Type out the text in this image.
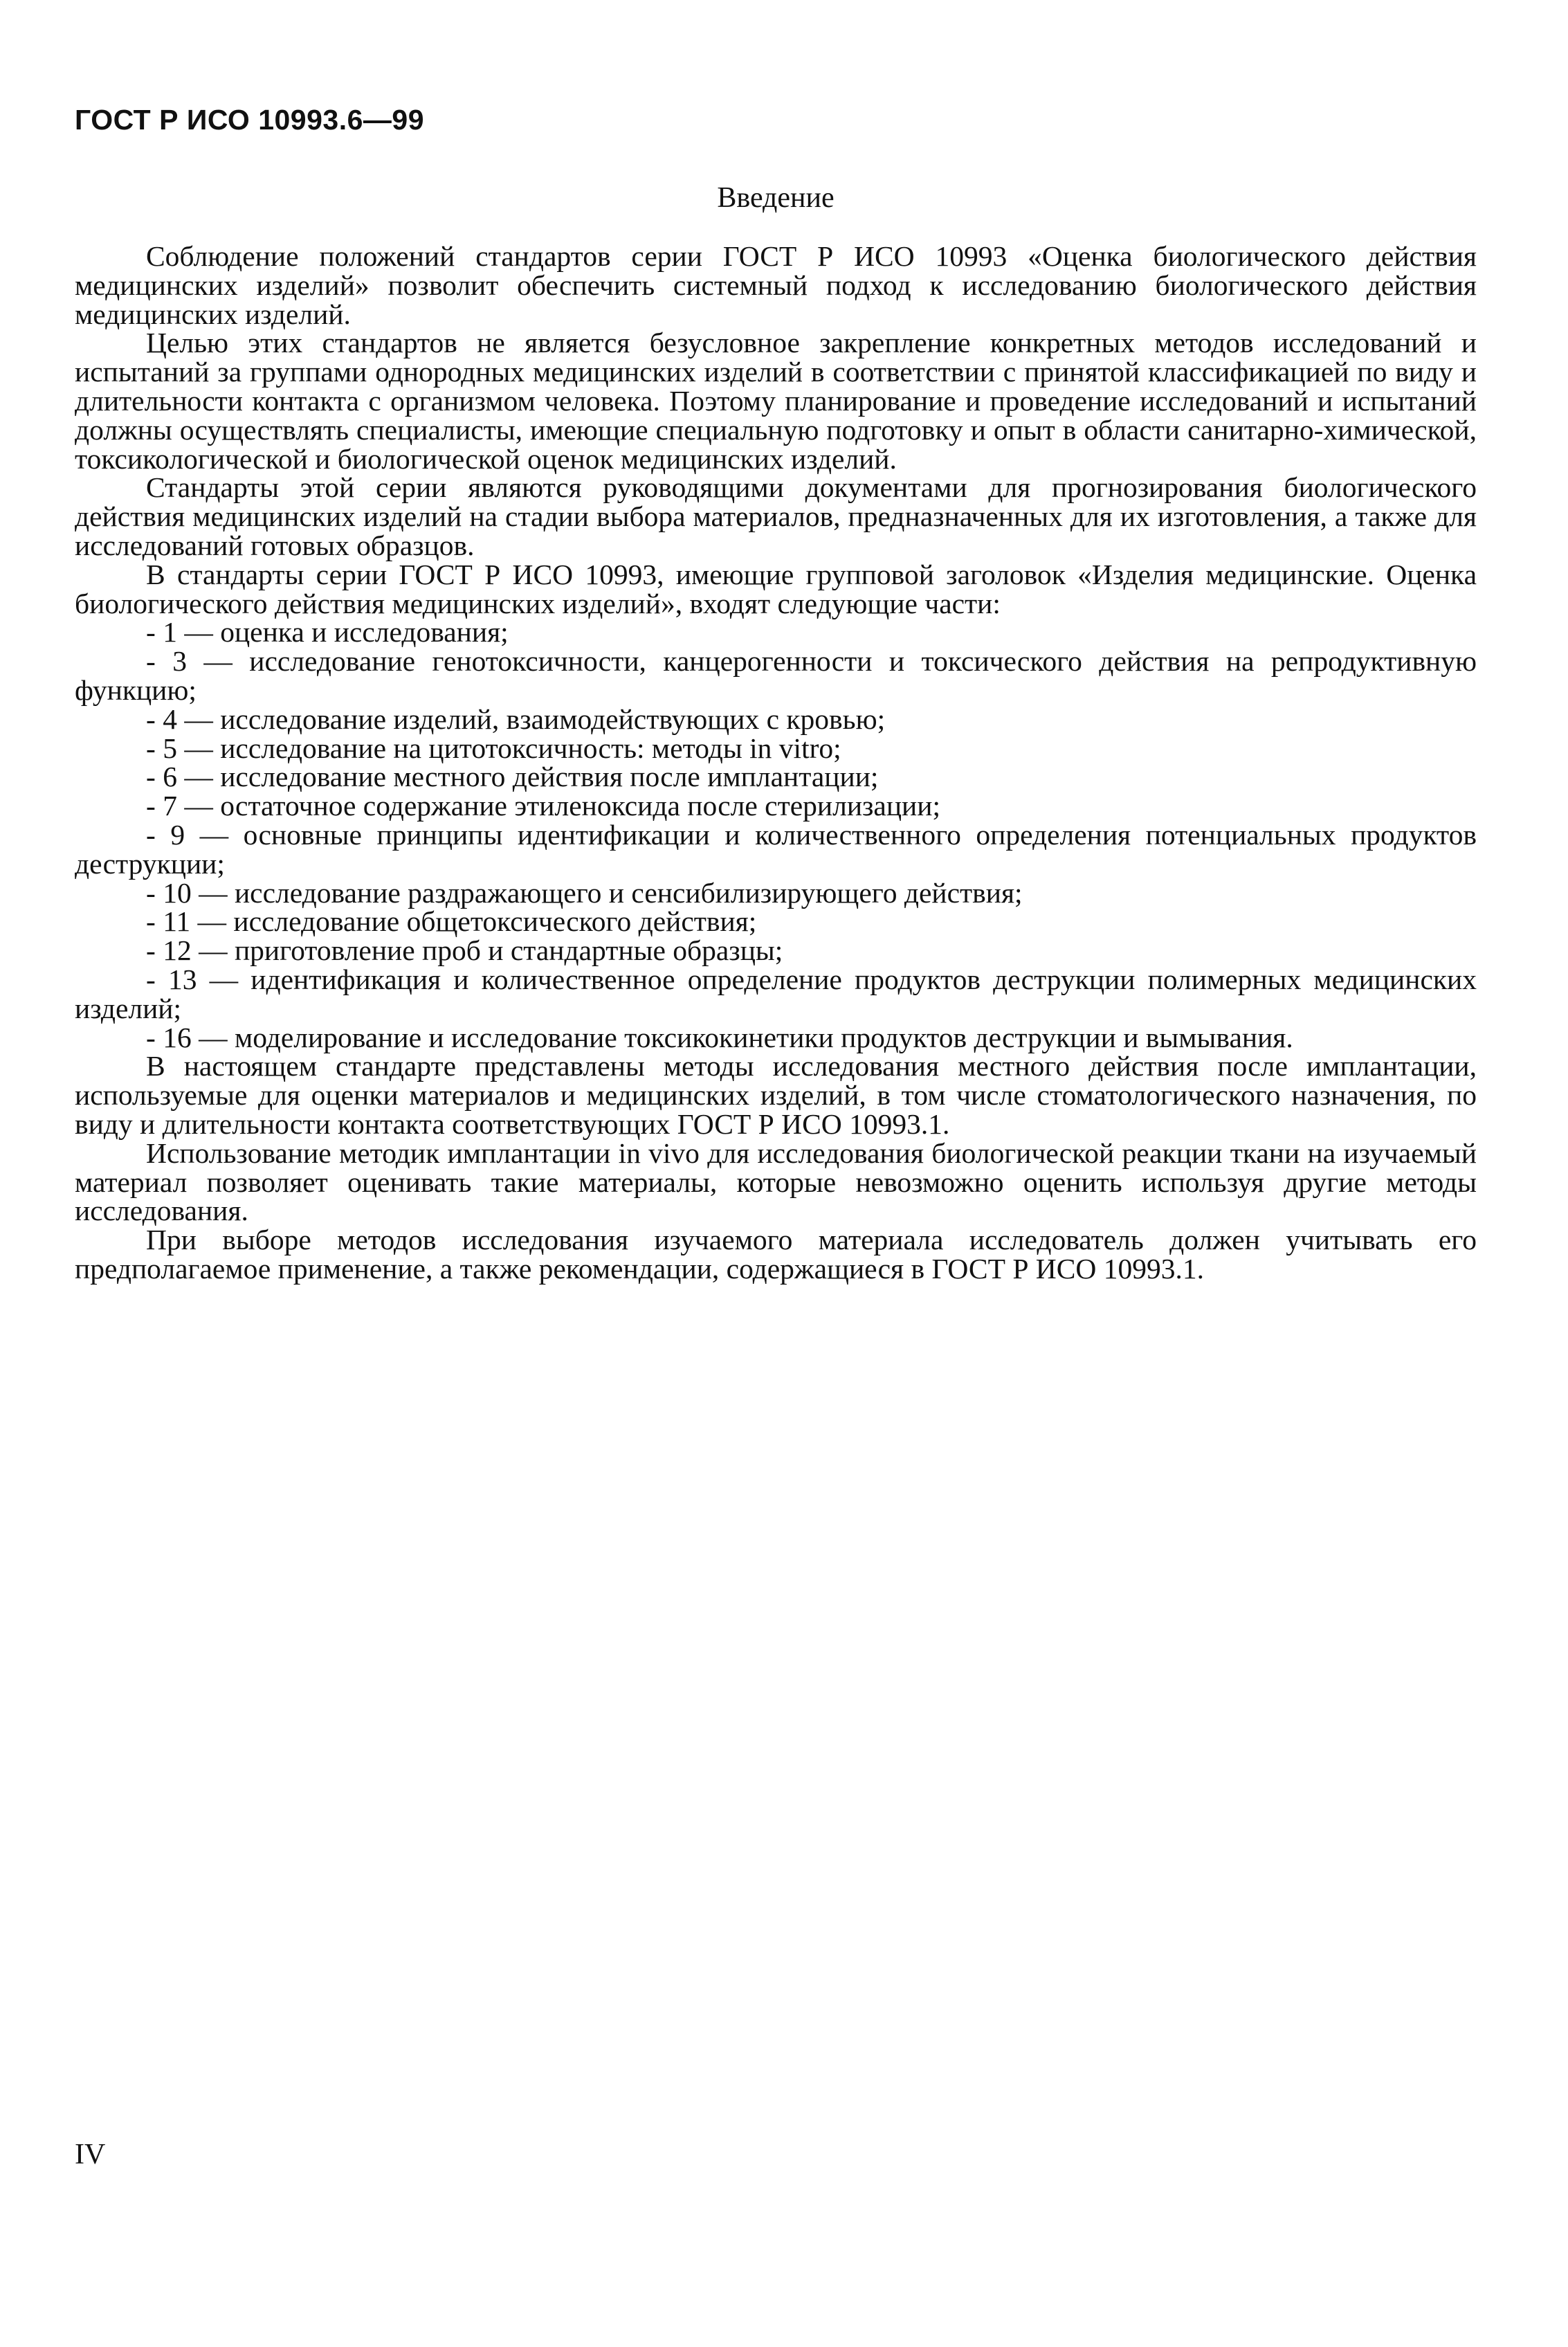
ГОСТ Р ИСО 10993.6—99
Введение

Соблюдение положений стандартов серии ГОСТ Р ИСО 10993 «Оценка биологического действия медицинских изделий» позволит обеспечить системный подход к исследованию биологического действия медицинских изделий.

Целью этих стандартов не является безусловное закрепление конкретных методов исследований и испытаний за группами однородных медицинских изделий в соответствии с принятой классификацией по виду и длительности контакта с организмом человека. Поэтому планирование и проведение исследований и испытаний должны осуществлять специалисты, имеющие специальную подготовку и опыт в области санитарно-химической, токсикологической и биологической оценок медицинских изделий.

Стандарты этой серии являются руководящими документами для прогнозирования биологического действия медицинских изделий на стадии выбора материалов, предназначенных для их изготовления, а также для исследований готовых образцов.

В стандарты серии ГОСТ Р ИСО 10993, имеющие групповой заголовок «Изделия медицинские. Оценка биологического действия медицинских изделий», входят следующие части:

- 1 — оценка и исследования;

- 3 — исследование генотоксичности, канцерогенности и токсического действия на репродуктивную функцию;

- 4 — исследование изделий, взаимодействующих с кровью;

- 5 — исследование на цитотоксичность: методы in vitro;

- 6 — исследование местного действия после имплантации;

- 7 — остаточное содержание этиленоксида после стерилизации;

- 9 — основные принципы идентификации и количественного определения потенциальных продуктов деструкции;

- 10 — исследование раздражающего и сенсибилизирующего действия;

- 11 — исследование общетоксического действия;

- 12 — приготовление проб и стандартные образцы;

- 13 — идентификация и количественное определение продуктов деструкции полимерных медицинских изделий;

- 16 — моделирование и исследование токсикокинетики продуктов деструкции и вымывания.

В настоящем стандарте представлены методы исследования местного действия после имплантации, используемые для оценки материалов и медицинских изделий, в том числе стоматологического назначения, по виду и длительности контакта соответствующих ГОСТ Р ИСО 10993.1.

Использование методик имплантации in vivo для исследования биологической реакции ткани на изучаемый материал позволяет оценивать такие материалы, которые невозможно оценить используя другие методы исследования.

При выборе методов исследования изучаемого материала исследователь должен учитывать его предполагаемое применение, а также рекомендации, содержащиеся в ГОСТ Р ИСО 10993.1.

IV
